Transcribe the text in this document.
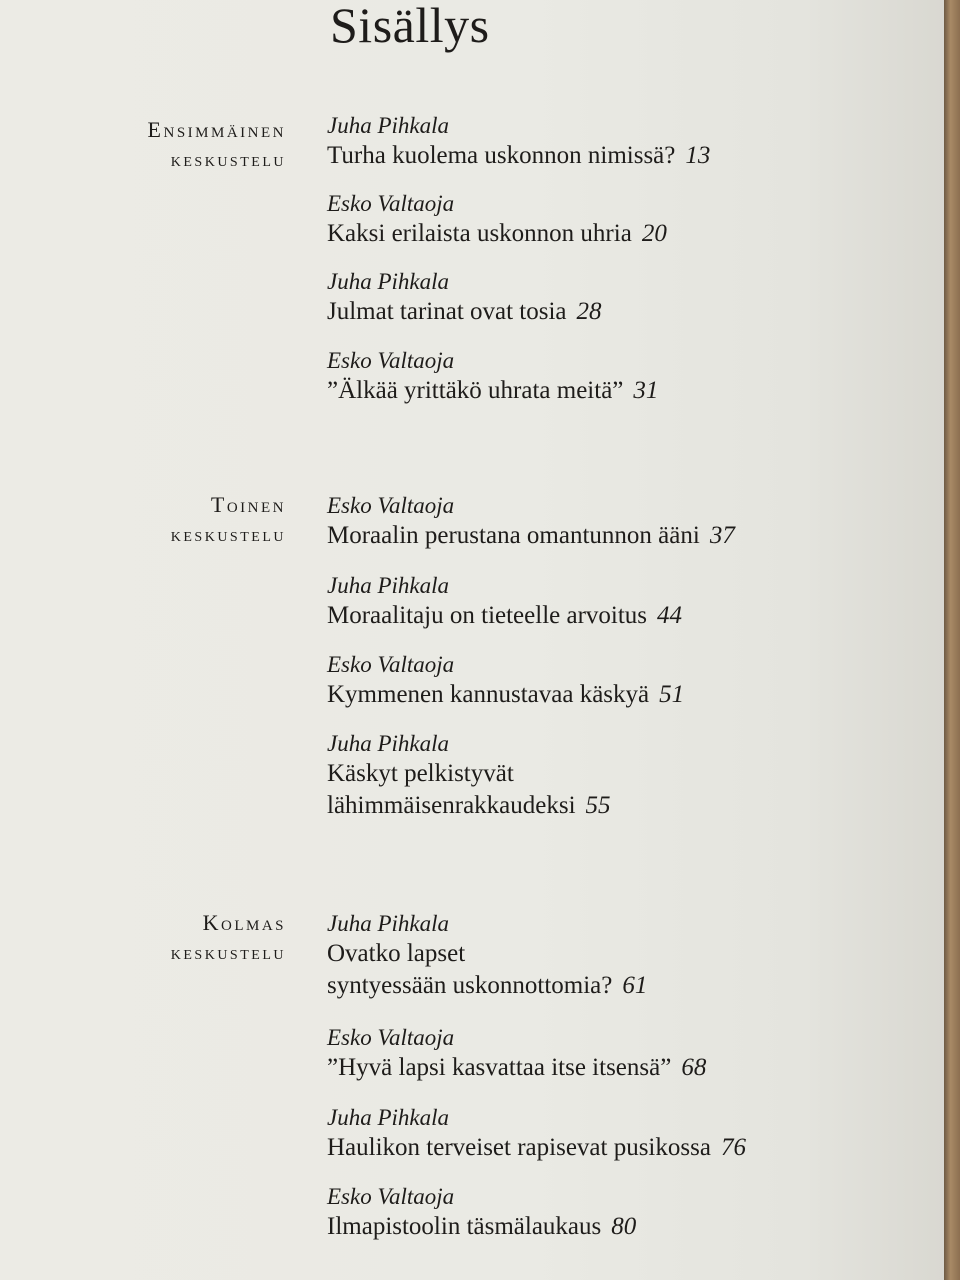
Sisällys
Ensimmäinen
keskustelu
Juha Pihkala
Turha kuolema uskonnon nimissä? 13
Esko Valtaoja
Kaksi erilaista uskonnon uhria 20
Juha Pihkala
Julmat tarinat ovat tosia 28
Esko Valtaoja
”Älkää yrittäkö uhrata meitä” 31
Toinen
keskustelu
Esko Valtaoja
Moraalin perustana omantunnon ääni 37
Juha Pihkala
Moraalitaju on tieteelle arvoitus 44
Esko Valtaoja
Kymmenen kannustavaa käskyä 51
Juha Pihkala
Käskyt pelkistyvät
lähimmäisenrakkaudeksi 55
Kolmas
keskustelu
Juha Pihkala
Ovatko lapset
syntyessään uskonnottomia? 61
Esko Valtaoja
”Hyvä lapsi kasvattaa itse itsensä” 68
Juha Pihkala
Haulikon terveiset rapisevat pusikossa 76
Esko Valtaoja
Ilmapistoolin täsmälaukaus 80
